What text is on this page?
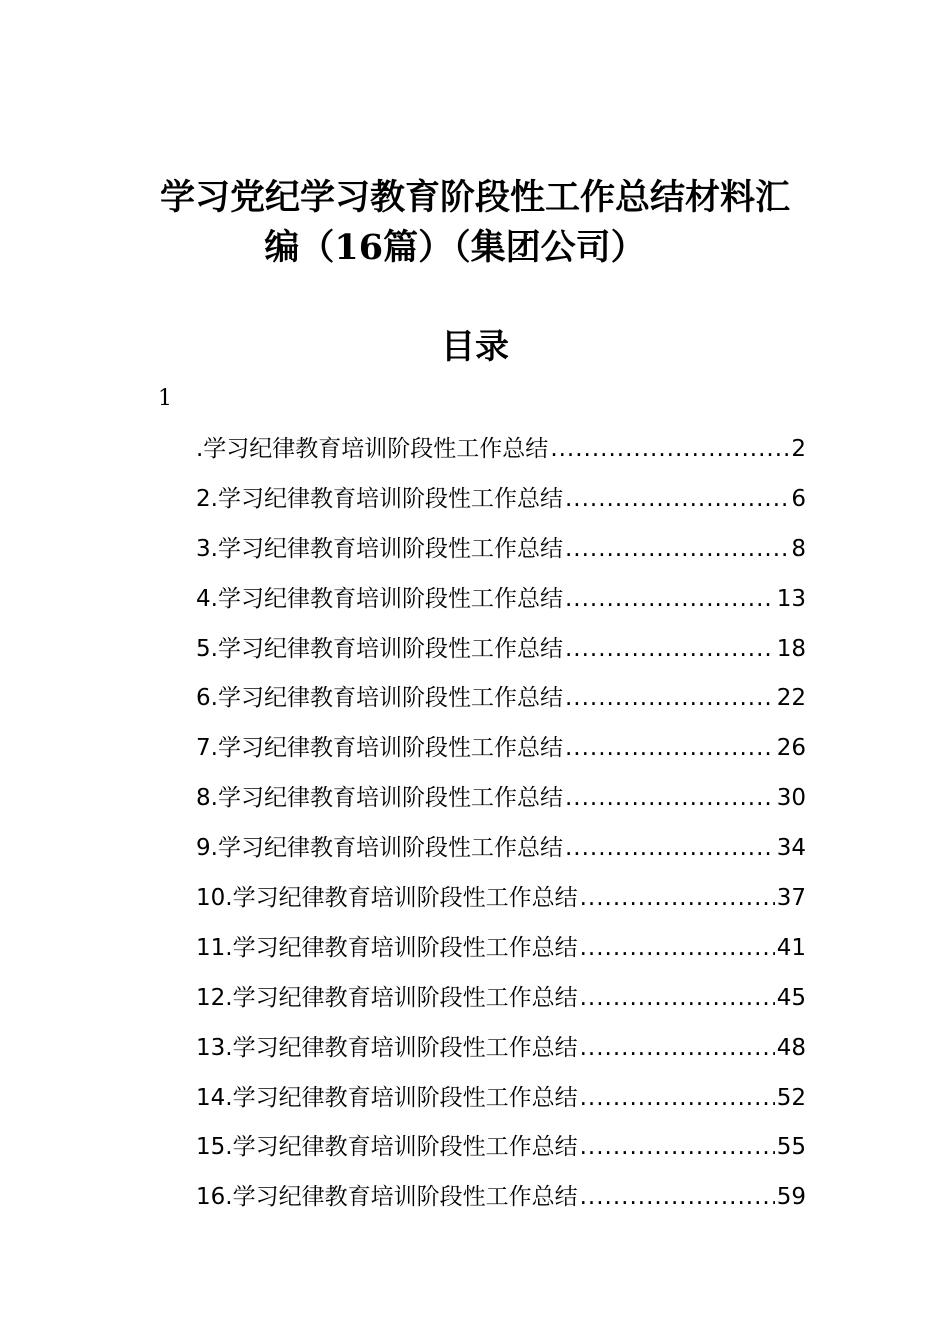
学习党纪学习教育阶段性工作总结材料汇
编（16篇）（集团公司）
目录
1
.学习纪律教育培训阶段性工作总结 .....	2
2.学习纪律教育培训阶段性工作总结 .....	6
3.学习纪律教育培训阶段性工作总结 .....	8
4.学习纪律教育培训阶段性工作总结 .....	13
5.学习纪律教育培训阶段性工作总结 .....	18
6.学习纪律教育培训阶段性工作总结 .....	22
7.学习纪律教育培训阶段性工作总结 .....	26
8.学习纪律教育培训阶段性工作总结 .....	30
9.学习纪律教育培训阶段性工作总结 .....	34
10.学习纪律教育培训阶段性工作总结 .....	37
11.学习纪律教育培训阶段性工作总结 .....	41
12.学习纪律教育培训阶段性工作总结 .....	45
13.学习纪律教育培训阶段性工作总结 .....	48
14.学习纪律教育培训阶段性工作总结 .....	52
15.学习纪律教育培训阶段性工作总结 .....	55
16.学习纪律教育培训阶段性工作总结 .....	59
